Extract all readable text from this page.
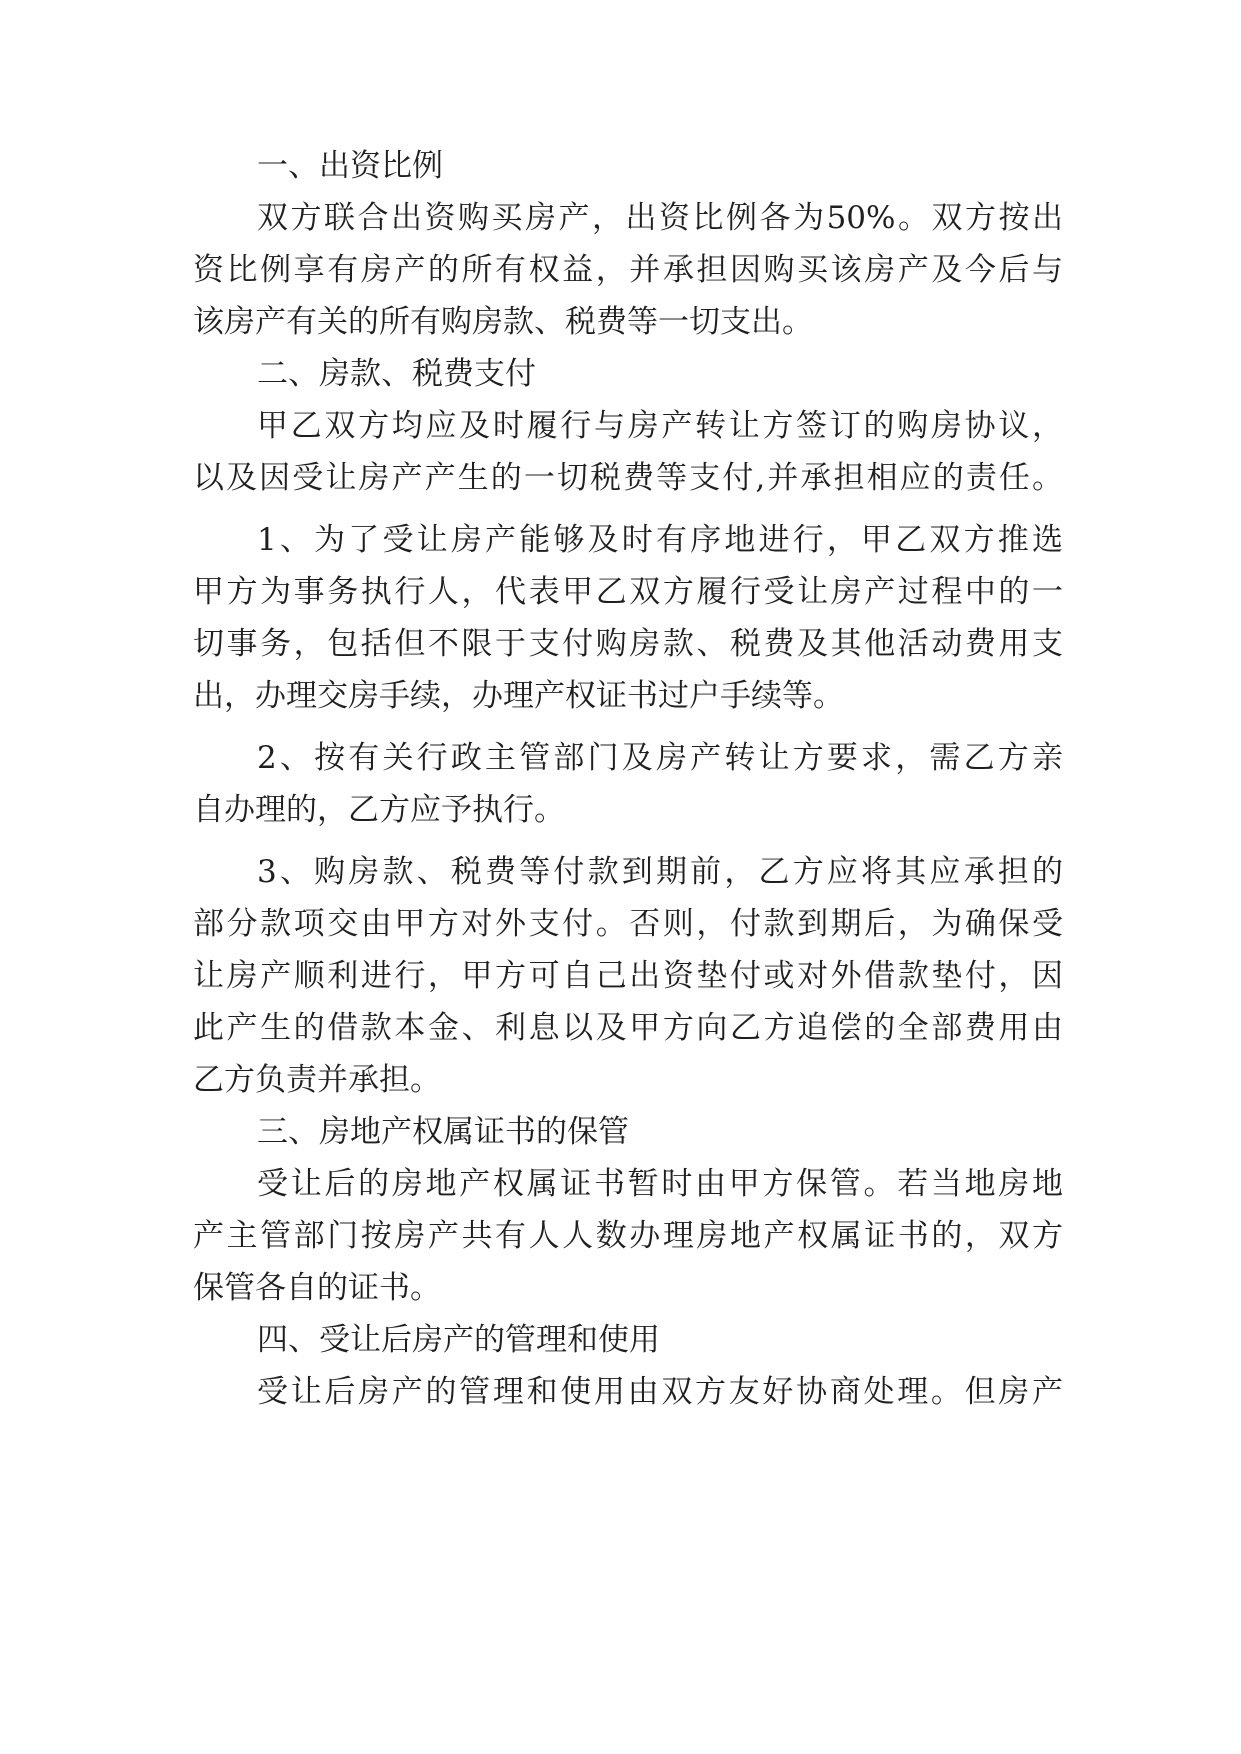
一、出资比例
双方联合出资购买房产，出资比例各为50%。双方按出
资比例享有房产的所有权益，并承担因购买该房产及今后与
该房产有关的所有购房款、税费等一切支出。
二、房款、税费支付
甲乙双方均应及时履行与房产转让方签订的购房协议，
以及因受让房产产生的一切税费等支付,并承担相应的责任。
1、为了受让房产能够及时有序地进行，甲乙双方推选
甲方为事务执行人，代表甲乙双方履行受让房产过程中的一
切事务，包括但不限于支付购房款、税费及其他活动费用支
出，办理交房手续，办理产权证书过户手续等。
2、按有关行政主管部门及房产转让方要求，需乙方亲
自办理的，乙方应予执行。
3、购房款、税费等付款到期前，乙方应将其应承担的
部分款项交由甲方对外支付。否则，付款到期后，为确保受
让房产顺利进行，甲方可自己出资垫付或对外借款垫付，因
此产生的借款本金、利息以及甲方向乙方追偿的全部费用由
乙方负责并承担。
三、房地产权属证书的保管
受让后的房地产权属证书暂时由甲方保管。若当地房地
产主管部门按房产共有人人数办理房地产权属证书的，双方
保管各自的证书。
四、受让后房产的管理和使用
受让后房产的管理和使用由双方友好协商处理。但房产
